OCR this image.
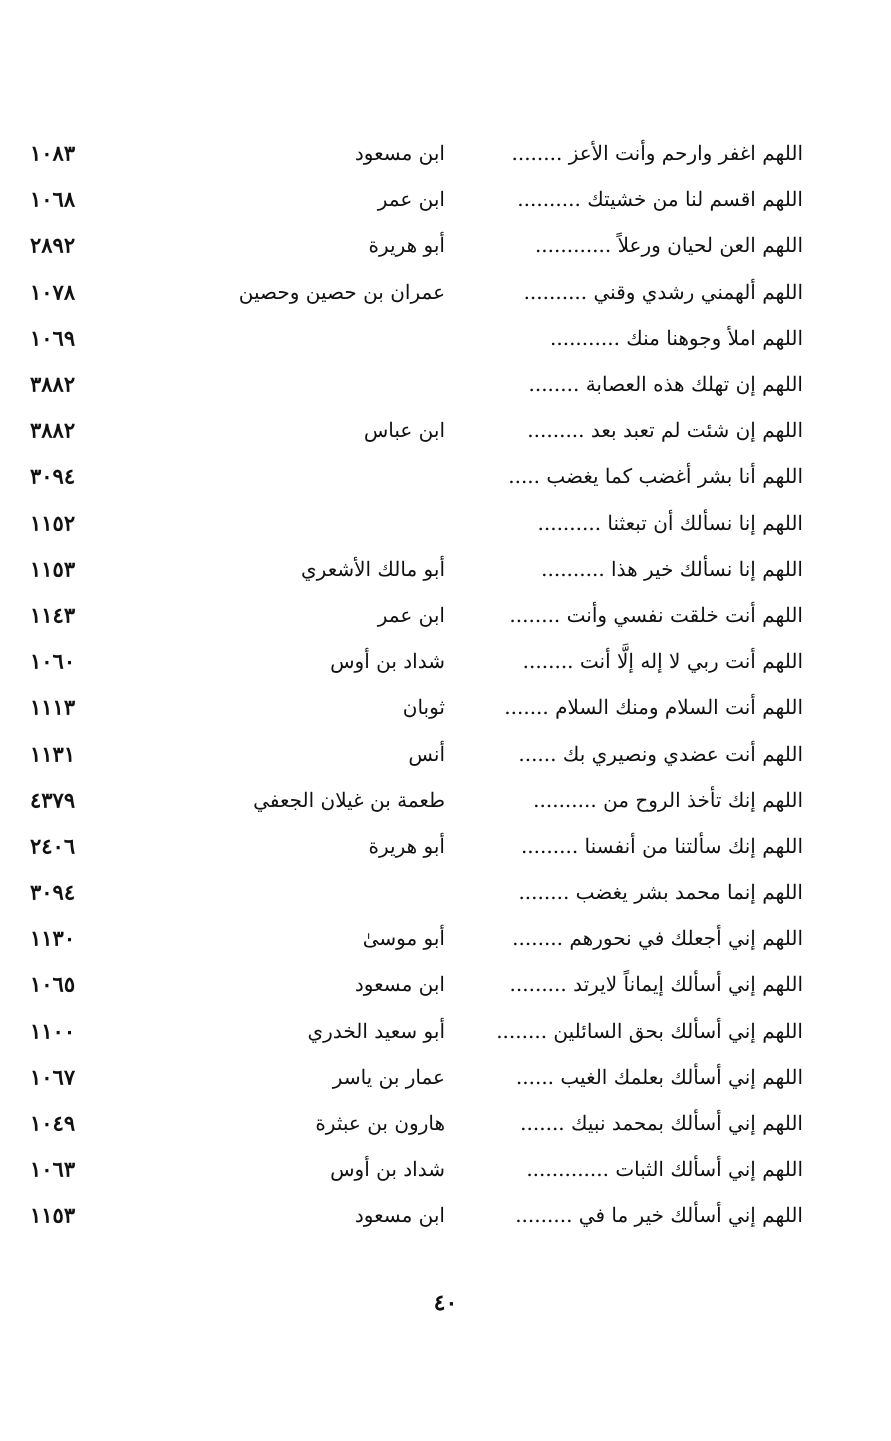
اللهم اغفر وارحم وأنت الأعز ........
ابن مسعود
١٠٨٣
اللهم اقسم لنا من خشيتك ..........
ابن عمر
١٠٦٨
اللهم العن لحيان ورعلاً ............
أبو هريرة
٢٨٩٢
اللهم ألهمني رشدي وقني ..........
عمران بن حصين وحصين
١٠٧٨
اللهم املأ وجوهنا منك ...........
١٠٦٩
اللهم إن تهلك هذه العصابة ........
٣٨٨٢
اللهم إن شئت لم تعبد بعد .........
ابن عباس
٣٨٨٢
اللهم أنا بشر أغضب كما يغضب .....
٣٠٩٤
اللهم إنا نسألك أن تبعثنا ..........
١١٥٢
اللهم إنا نسألك خير هذا ..........
أبو مالك الأشعري
١١٥٣
اللهم أنت خلقت نفسي وأنت ........
ابن عمر
١١٤٣
اللهم أنت ربي لا إله إلَّا أنت ........
شداد بن أوس
١٠٦٠
اللهم أنت السلام ومنك السلام .......
ثوبان
١١١٣
اللهم أنت عضدي ونصيري بك ......
أنس
١١٣١
اللهم إنك تأخذ الروح من ..........
طعمة بن غيلان الجعفي
٤٣٧٩
اللهم إنك سألتنا من أنفسنا .........
أبو هريرة
٢٤٠٦
اللهم إنما محمد بشر يغضب ........
٣٠٩٤
اللهم إني أجعلك في نحورهم ........
أبو موسىٰ
١١٣٠
اللهم إني أسألك إيماناً لايرتد .........
ابن مسعود
١٠٦٥
اللهم إني أسألك بحق السائلين ........
أبو سعيد الخدري
١١٠٠
اللهم إني أسألك بعلمك الغيب ......
عمار بن ياسر
١٠٦٧
اللهم إني أسألك بمحمد نبيك .......
هارون بن عبثرة
١٠٤٩
اللهم إني أسألك الثبات .............
شداد بن أوس
١٠٦٣
اللهم إني أسألك خير ما في .........
ابن مسعود
١١٥٣
٤٠
